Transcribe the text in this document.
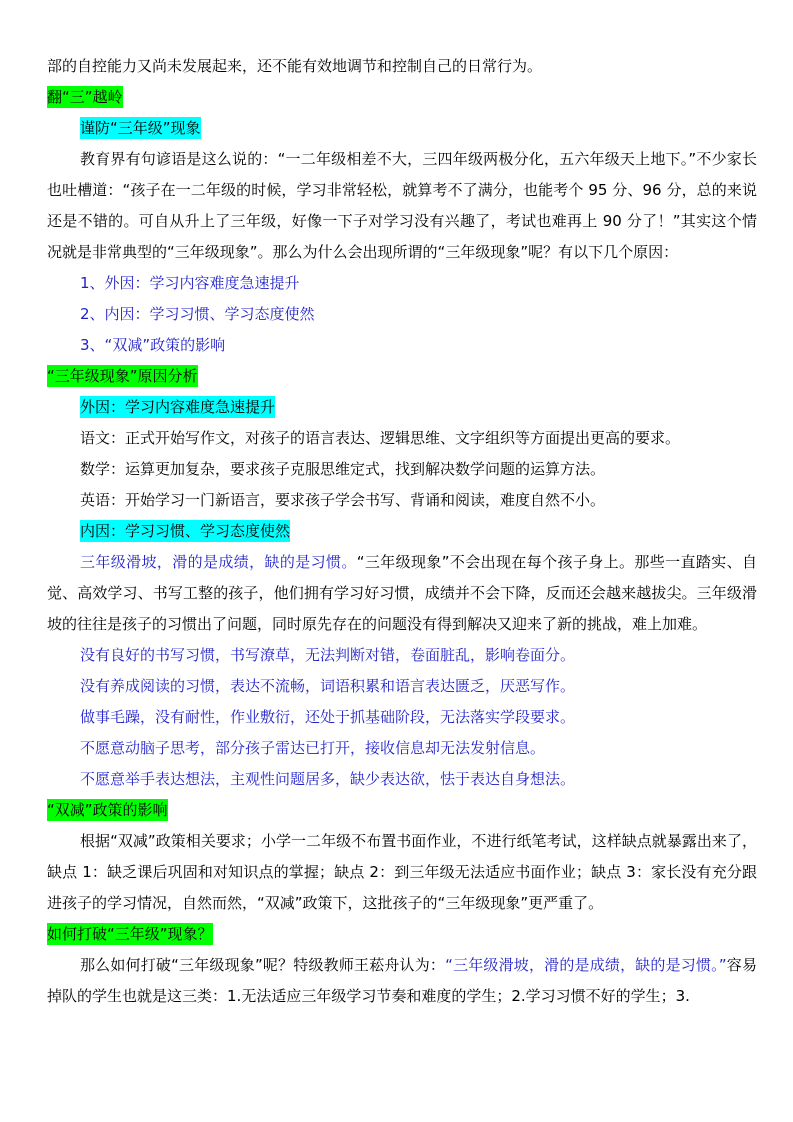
部的自控能力又尚未发展起来，还不能有效地调节和控制自己的日常行为。
翻“三”越岭
谨防“三年级”现象

教育界有句谚语是这么说的：“一二年级相差不大，三四年级两极分化，五六年级天上地下。”不少家长也吐槽道：“孩子在一二年级的时候，学习非常轻松，就算考不了满分，也能考个 95 分、96 分，总的来说还是不错的。可自从升上了三年级，好像一下子对学习没有兴趣了，考试也难再上 90 分了！”其实这个情况就是非常典型的“三年级现象”。那么为什么会出现所谓的“三年级现象”呢？有以下几个原因：

1、外因：学习内容难度急速提升
2、内因：学习习惯、学习态度使然
3、“双减”政策的影响
“三年级现象”原因分析
外因：学习内容难度急速提升
语文：正式开始写作文，对孩子的语言表达、逻辑思维、文字组织等方面提出更高的要求。
数学：运算更加复杂，要求孩子克服思维定式，找到解决数学问题的运算方法。
英语：开始学习一门新语言，要求孩子学会书写、背诵和阅读，难度自然不小。
内因：学习习惯、学习态度使然

三年级滑坡，滑的是成绩，缺的是习惯。“三年级现象”不会出现在每个孩子身上。那些一直踏实、自觉、高效学习、书写工整的孩子，他们拥有学习好习惯，成绩并不会下降，反而还会越来越拔尖。三年级滑坡的往往是孩子的习惯出了问题，同时原先存在的问题没有得到解决又迎来了新的挑战，难上加难。

没有良好的书写习惯，书写潦草，无法判断对错，卷面脏乱，影响卷面分。
没有养成阅读的习惯，表达不流畅，词语积累和语言表达匮乏，厌恶写作。
做事毛躁，没有耐性，作业敷衍，还处于抓基础阶段，无法落实学段要求。
不愿意动脑子思考，部分孩子雷达已打开，接收信息却无法发射信息。
不愿意举手表达想法，主观性问题居多，缺少表达欲，怯于表达自身想法。
“双减”政策的影响

根据“双减”政策相关要求；小学一二年级不布置书面作业，不进行纸笔考试，这样缺点就暴露出来了，缺点 1：缺乏课后巩固和对知识点的掌握；缺点 2：到三年级无法适应书面作业；缺点 3：家长没有充分跟进孩子的学习情况，自然而然，“双减”政策下，这批孩子的“三年级现象”更严重了。

如何打破“三年级”现象？

那么如何打破“三年级现象”呢？特级教师王菘舟认为：“三年级滑坡，滑的是成绩，缺的是习惯。”容易掉队的学生也就是这三类：1.无法适应三年级学习节奏和难度的学生；2.学习习惯不好的学生；3.
